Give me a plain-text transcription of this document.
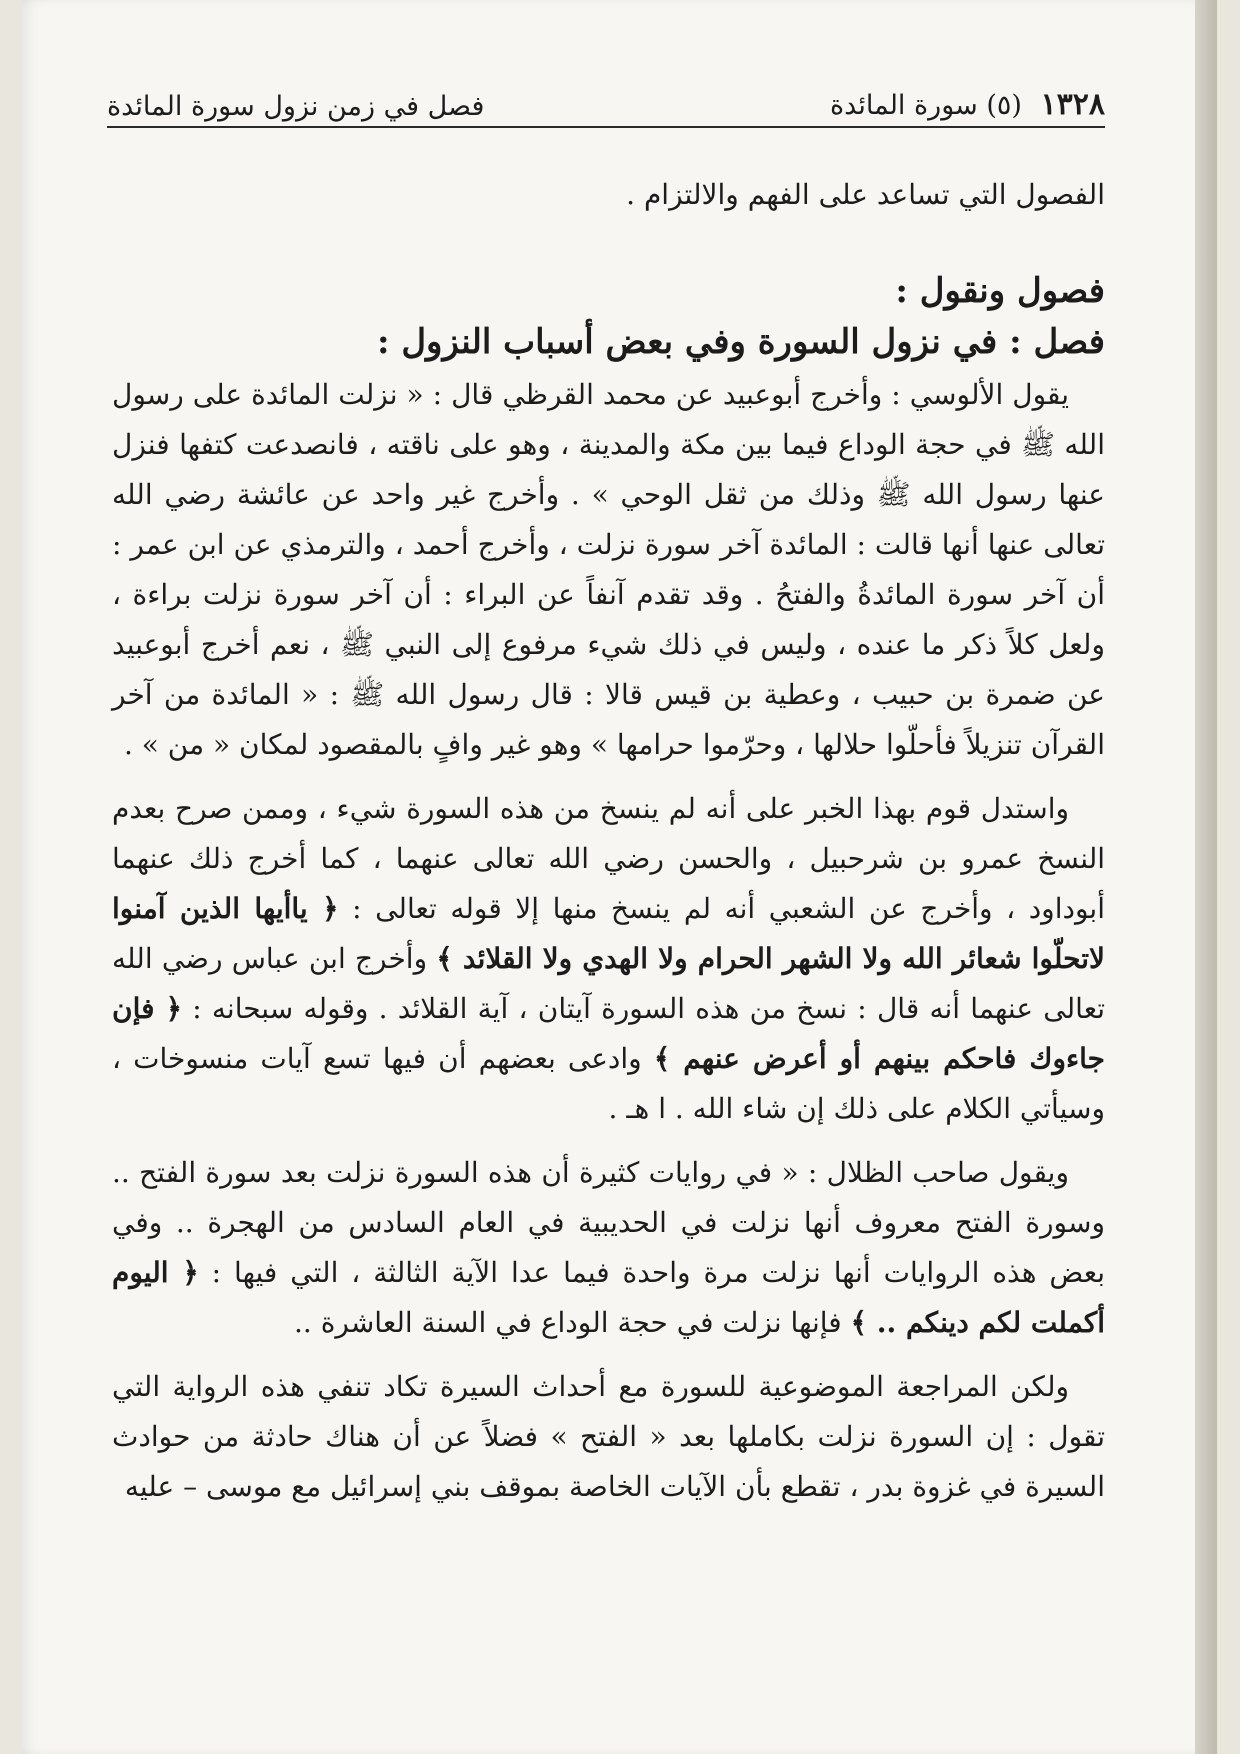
١٣٢٨ (٥) سورة المائدة
فصل في زمن نزول سورة المائدة

الفصول التي تساعد على الفهم والالتزام .

فصول ونقول :

فصل : في نزول السورة وفي بعض أسباب النزول :

يقول الألوسي : وأخرج أبوعبيد عن محمد القرظي قال : « نزلت المائدة على رسول الله ﷺ في حجة الوداع فيما بين مكة والمدينة ، وهو على ناقته ، فانصدعت كتفها فنزل عنها رسول الله ﷺ وذلك من ثقل الوحي » . وأخرج غير واحد عن عائشة رضي الله تعالى عنها أنها قالت : المائدة آخر سورة نزلت ، وأخرج أحمد ، والترمذي عن ابن عمر : أن آخر سورة المائدةُ والفتحُ . وقد تقدم آنفاً عن البراء : أن آخر سورة نزلت براءة ، ولعل كلاً ذكر ما عنده ، وليس في ذلك شيء مرفوع إلى النبي ﷺ ، نعم أخرج أبوعبيد عن ضمرة بن حبيب ، وعطية بن قيس قالا : قال رسول الله ﷺ : « المائدة من آخر القرآن تنزيلاً فأحلّوا حلالها ، وحرّموا حرامها » وهو غير وافٍ بالمقصود لمكان « من » .

واستدل قوم بهذا الخبر على أنه لم ينسخ من هذه السورة شيء ، وممن صرح بعدم النسخ عمرو بن شرحبيل ، والحسن رضي الله تعالى عنهما ، كما أخرج ذلك عنهما أبوداود ، وأخرج عن الشعبي أنه لم ينسخ منها إلا قوله تعالى : ﴿ ياأيها الذين آمنوا لاتحلّوا شعائر الله ولا الشهر الحرام ولا الهدي ولا القلائد ﴾ وأخرج ابن عباس رضي الله تعالى عنهما أنه قال : نسخ من هذه السورة آيتان ، آية القلائد . وقوله سبحانه : ﴿ فإن جاءوك فاحكم بينهم أو أعرض عنهم ﴾ وادعى بعضهم أن فيها تسع آيات منسوخات ، وسيأتي الكلام على ذلك إن شاء الله . ا هـ .

ويقول صاحب الظلال : « في روايات كثيرة أن هذه السورة نزلت بعد سورة الفتح .. وسورة الفتح معروف أنها نزلت في الحديبية في العام السادس من الهجرة .. وفي بعض هذه الروايات أنها نزلت مرة واحدة فيما عدا الآية الثالثة ، التي فيها : ﴿ اليوم أكملت لكم دينكم .. ﴾ فإنها نزلت في حجة الوداع في السنة العاشرة ..

ولكن المراجعة الموضوعية للسورة مع أحداث السيرة تكاد تنفي هذه الرواية التي تقول : إن السورة نزلت بكاملها بعد « الفتح » فضلاً عن أن هناك حادثة من حوادث السيرة في غزوة بدر ، تقطع بأن الآيات الخاصة بموقف بني إسرائيل مع موسى – عليه
